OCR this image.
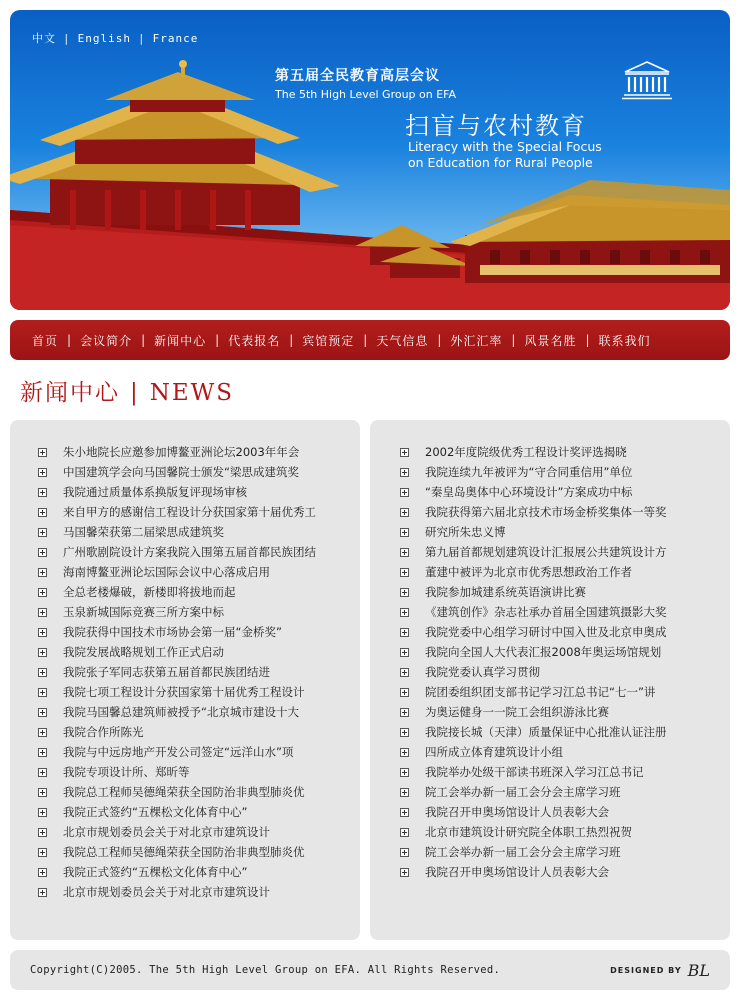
中文 | English | France
第五届全民教育高层会议
The 5th High Level Group on EFA
扫盲与农村教育
Literacy with the Special Focus
on Education for Rural People
首页 | 会议简介 | 新闻中心 | 代表报名 | 宾馆预定 | 天气信息 | 外汇汇率 | 风景名胜 | 联系我们
新闻中心 | NEWS
朱小地院长应邀参加博鳌亚洲论坛2003年年会
中国建筑学会向马国馨院士颁发“梁思成建筑奖
我院通过质量体系换版复评现场审核
来自甲方的感谢信工程设计分获国家第十届优秀工
马国馨荣获第二届梁思成建筑奖
广州歌剧院设计方案我院入围第五届首都民族团结
海南博鳌亚洲论坛国际会议中心落成启用
全总老楼爆破，新楼即将拔地而起
玉泉新城国际竞赛三所方案中标
我院获得中国技术市场协会第一届“金桥奖”
我院发展战略规划工作正式启动
我院张子军同志获第五届首都民族团结进
我院七项工程设计分获国家第十届优秀工程设计
我院马国馨总建筑师被授予“北京城市建设十大
我院合作所陈光
我院与中远房地产开发公司签定“远洋山水”项
我院专项设计所、郑昕等
我院总工程师吴德绳荣获全国防治非典型肺炎优
我院正式签约“五棵松文化体育中心”
北京市规划委员会关于对北京市建筑设计
我院总工程师吴德绳荣获全国防治非典型肺炎优
我院正式签约“五棵松文化体育中心”
北京市规划委员会关于对北京市建筑设计
2002年度院级优秀工程设计奖评选揭晓
我院连续九年被评为“守合同重信用”单位
“秦皇岛奥体中心环境设计”方案成功中标
我院获得第六届北京技术市场金桥奖集体一等奖
研究所朱忠义博
第九届首都规划建筑设计汇报展公共建筑设计方
董建中被评为北京市优秀思想政治工作者
我院参加城建系统英语演讲比赛
《建筑创作》杂志社承办首届全国建筑摄影大奖
我院党委中心组学习研讨中国入世及北京申奥成
我院向全国人大代表汇报2008年奥运场馆规划
我院党委认真学习贯彻
院团委组织团支部书记学习江总书记“七一”讲
为奥运健身一一院工会组织游泳比赛
我院接长城（天津）质量保证中心批准认证注册
四所成立体育建筑设计小组
我院举办处级干部读书班深入学习江总书记
院工会举办新一届工会分会主席学习班
我院召开申奥场馆设计人员表彰大会
北京市建筑设计研究院全体职工热烈祝贺
院工会举办新一届工会分会主席学习班
我院召开申奥场馆设计人员表彰大会
Copyright(C)2005. The 5th High Level Group on EFA. All Rights Reserved.	DESIGNED BY BL
